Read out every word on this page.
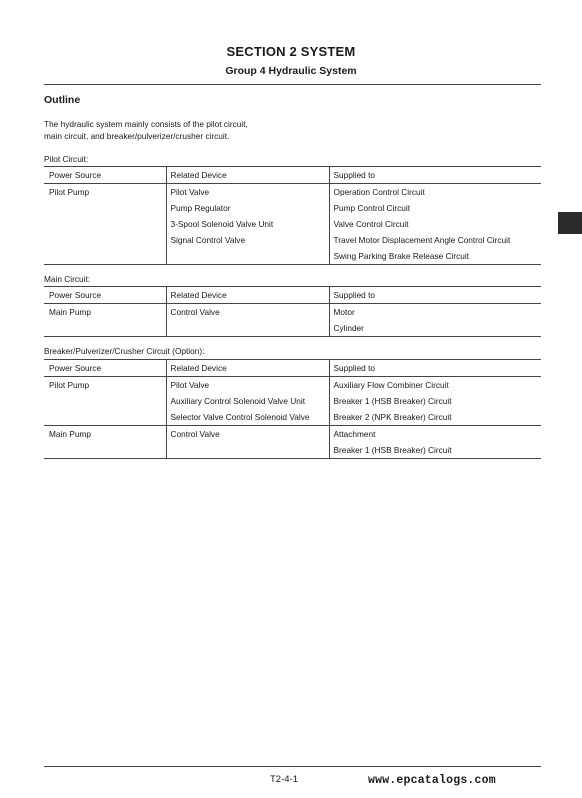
SECTION 2 SYSTEM
Group 4 Hydraulic System
Outline
The hydraulic system mainly consists of the pilot circuit,
main circuit, and breaker/pulverizer/crusher circuit.
Pilot Circuit:
Power Source	Related Device	Supplied to
Pilot Pump	Pilot Valve	Operation Control Circuit
	Pump Regulator	Pump Control Circuit
	3-Spool Solenoid Valve Unit	Valve Control Circuit
	Signal Control Valve	Travel Motor Displacement Angle Control Circuit
		Swing Parking Brake Release Circuit
Main Circuit:
Power Source	Related Device	Supplied to
Main Pump	Control Valve	Motor
		Cylinder
Breaker/Pulverizer/Crusher Circuit (Option):
Power Source	Related Device	Supplied to
Pilot Pump	Pilot Valve	Auxiliary Flow Combiner Circuit
	Auxiliary Control Solenoid Valve Unit	Breaker 1 (HSB Breaker) Circuit
	Selector Valve Control Solenoid Valve	Breaker 2 (NPK Breaker) Circuit
Main Pump	Control Valve	Attachment
		Breaker 1 (HSB Breaker) Circuit
T2-4-1	www.epcatalogs.com
